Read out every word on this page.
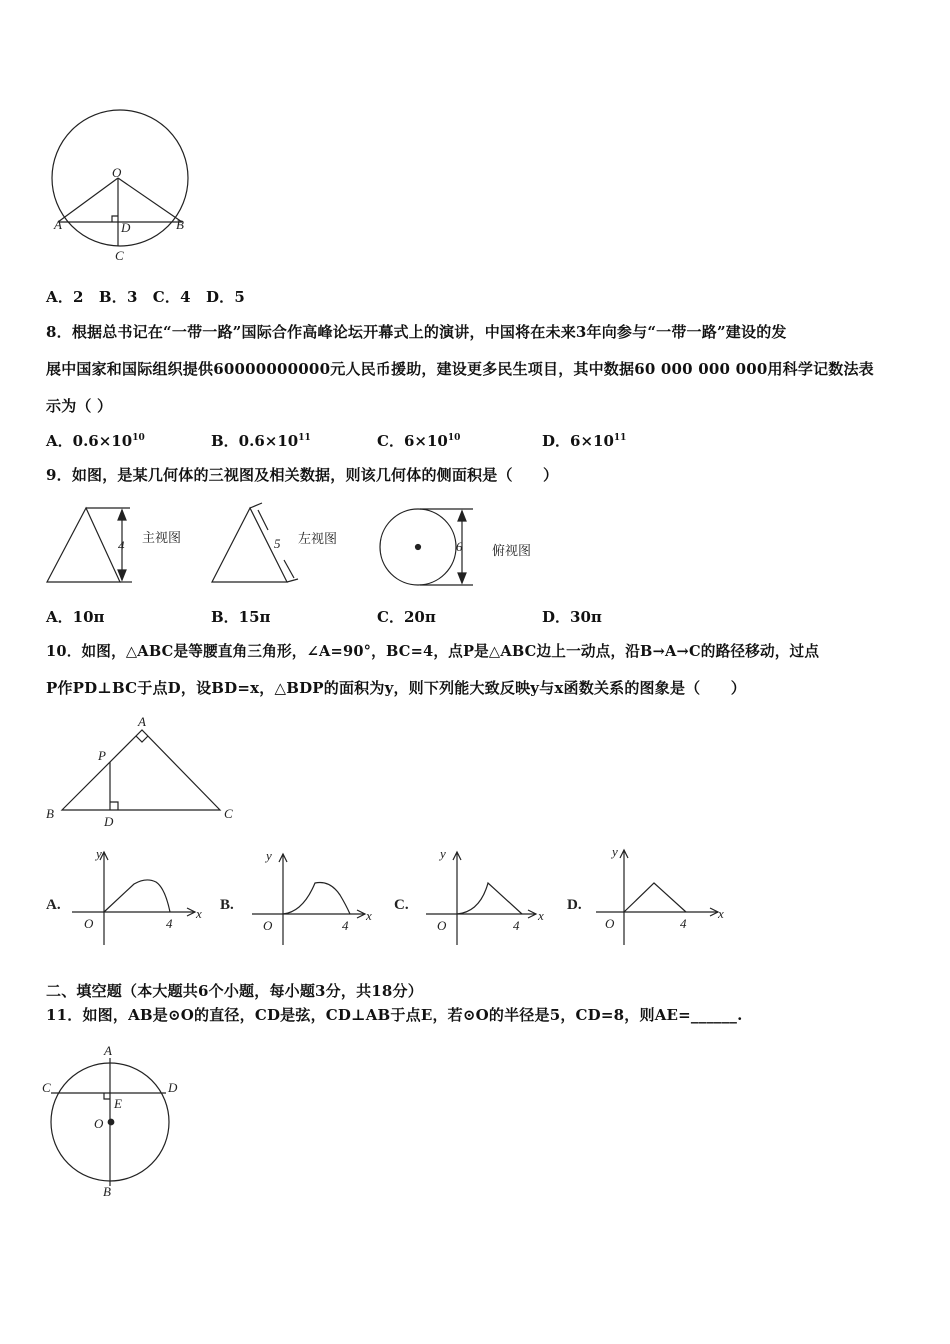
O
A	B
D
C
4 主视图	5 左视图	6 俯视图
A
P
B	C
D
A.
y
x
O	4
B.
y
x
O	4
C.
y
x
O	4
D.
y
x
O	4
A
C	D
E
O
B
A．2　B．3　C．4　D．5
8．根据总书记在“一带一路”国际合作高峰论坛开幕式上的演讲，中国将在未来3年向参与“一带一路”建设的发
展中国家和国际组织提供60000000000元人民币援助，建设更多民生项目，其中数据60 000 000 000用科学记数法表
示为（ ）
A．$0.6\times 10^{10}$	B．$0.6\times 10^{11}$	C．$6\times 10^{10}$	D．$6\times 10^{11}$
9．如图，是某几何体的三视图及相关数据，则该几何体的侧面积是（　　）
A．10π	B．15π	C．20π	D．30π
10．如图，△ABC是等腰直角三角形，∠A=90°，BC=4，点P是△ABC边上一动点，沿B→A→C的路径移动，过点
P作PD⊥BC于点D，设BD=x，△BDP的面积为y，则下列能大致反映y与x函数关系的图象是（　　）
二、填空题（本大题共6个小题，每小题3分，共18分）
11．如图，AB是⊙O的直径，CD是弦，CD⊥AB于点E，若⊙O的半径是5，CD=8，则AE=______.
